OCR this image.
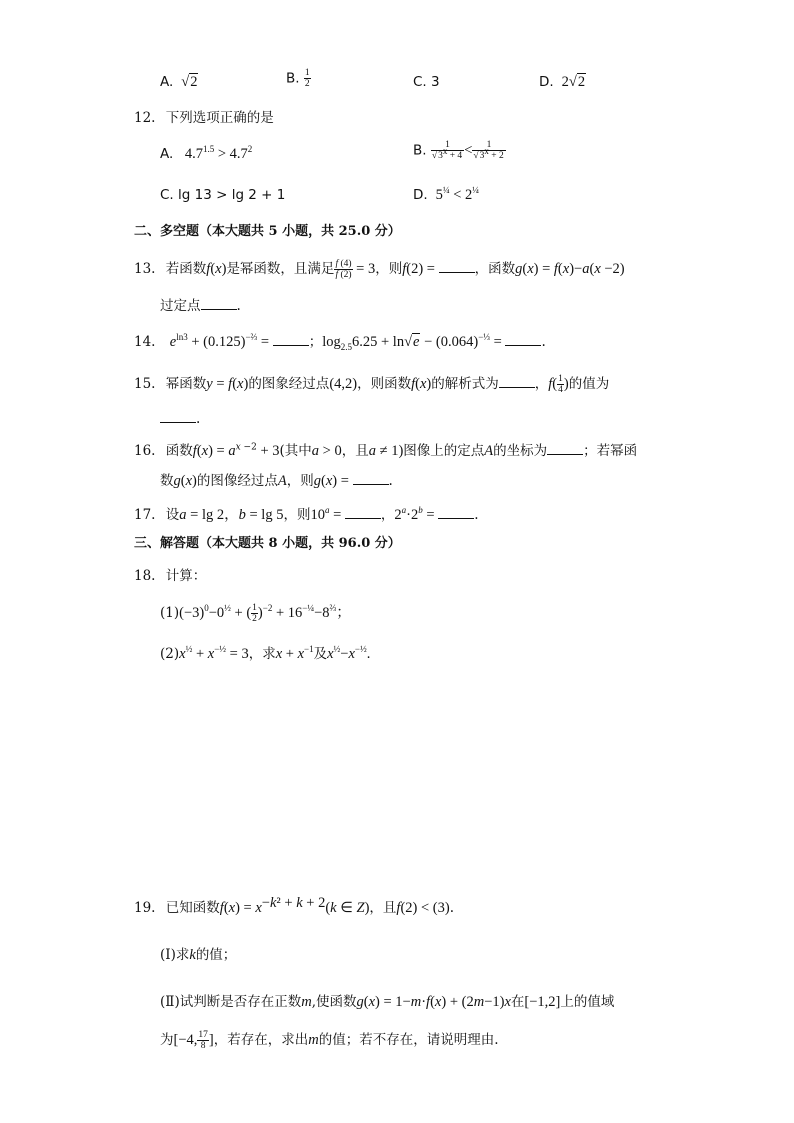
A.  √2	B. $\frac{1}{2}$	C. 3	D.  2√2
12. 下列选项正确的是
A.   $4.7^{1.5} > 4.7^2$	B. $\frac{1}{√3^x + 4} < \frac{1}{√3^x + 2}$
C. lg 13 > lg 2 + 1	D.  $5^{\frac{1}{4}} < 2^{\frac{1}{4}}$
二、多空题（本大题共 5 小题，共 25.0 分）
13. 若函数f(x)是幂函数，且满足 $\frac{f (4)}{f (2)} = 3$，则f(2) =	，函数g(x) = f(x)−a(x −2)
过定点	.
14. $e^{ln3} + (0.125)^{-\frac{2}{3}}$ =	；$\log_{2.5}6.25 + \ln√e - (0.064)^{-\frac{1}{3}}$ =	.
15. 幂函数y = f(x)的图象经过点(4,2)，则函数f(x)的解析式为	，$f( \frac{1}{4}$ )的值为
.
16. 函数$f(x) = a^{x -2} + 3$(其中a > 0，且a ≠ 1)图像上的定点A的坐标为	；若幂函
数g(x)的图像经过点A，则g(x) =	.
17. 设a = lg 2，b = lg 5，则$10^a$ =	，$2^a\cdot 2^b$ =	.
三、解答题（本大题共 8 小题，共 96.0 分）
18. 计算：
$(1)(-3)^0-0^{\frac{1}{2}}$ + ( $\frac{1}{2} )^{-2} + 16^{-\frac{1}{4}}-8^{\frac{2}{3}}$；
$(2)x^{\frac{1}{2}} + x^{-\frac{1}{2}} = 3$，求$x + x^{-1}$及$x^{\frac{1}{2}}-x^{-\frac{1}{2}}$.
19. 已知函数$f(x) = x^{-k^2 + k + 2}(k$ ∈ Z)，且f(2) < (3).
(Ⅰ)求k的值；
(Ⅱ)试判断是否存在正数m,使函数g(x) = 1−m·f(x) + (2m−1)x在[−1,2]上的值域
为[−4, $\frac{17}{8}$ ]，若存在，求出m的值；若不存在，请说明理由.
